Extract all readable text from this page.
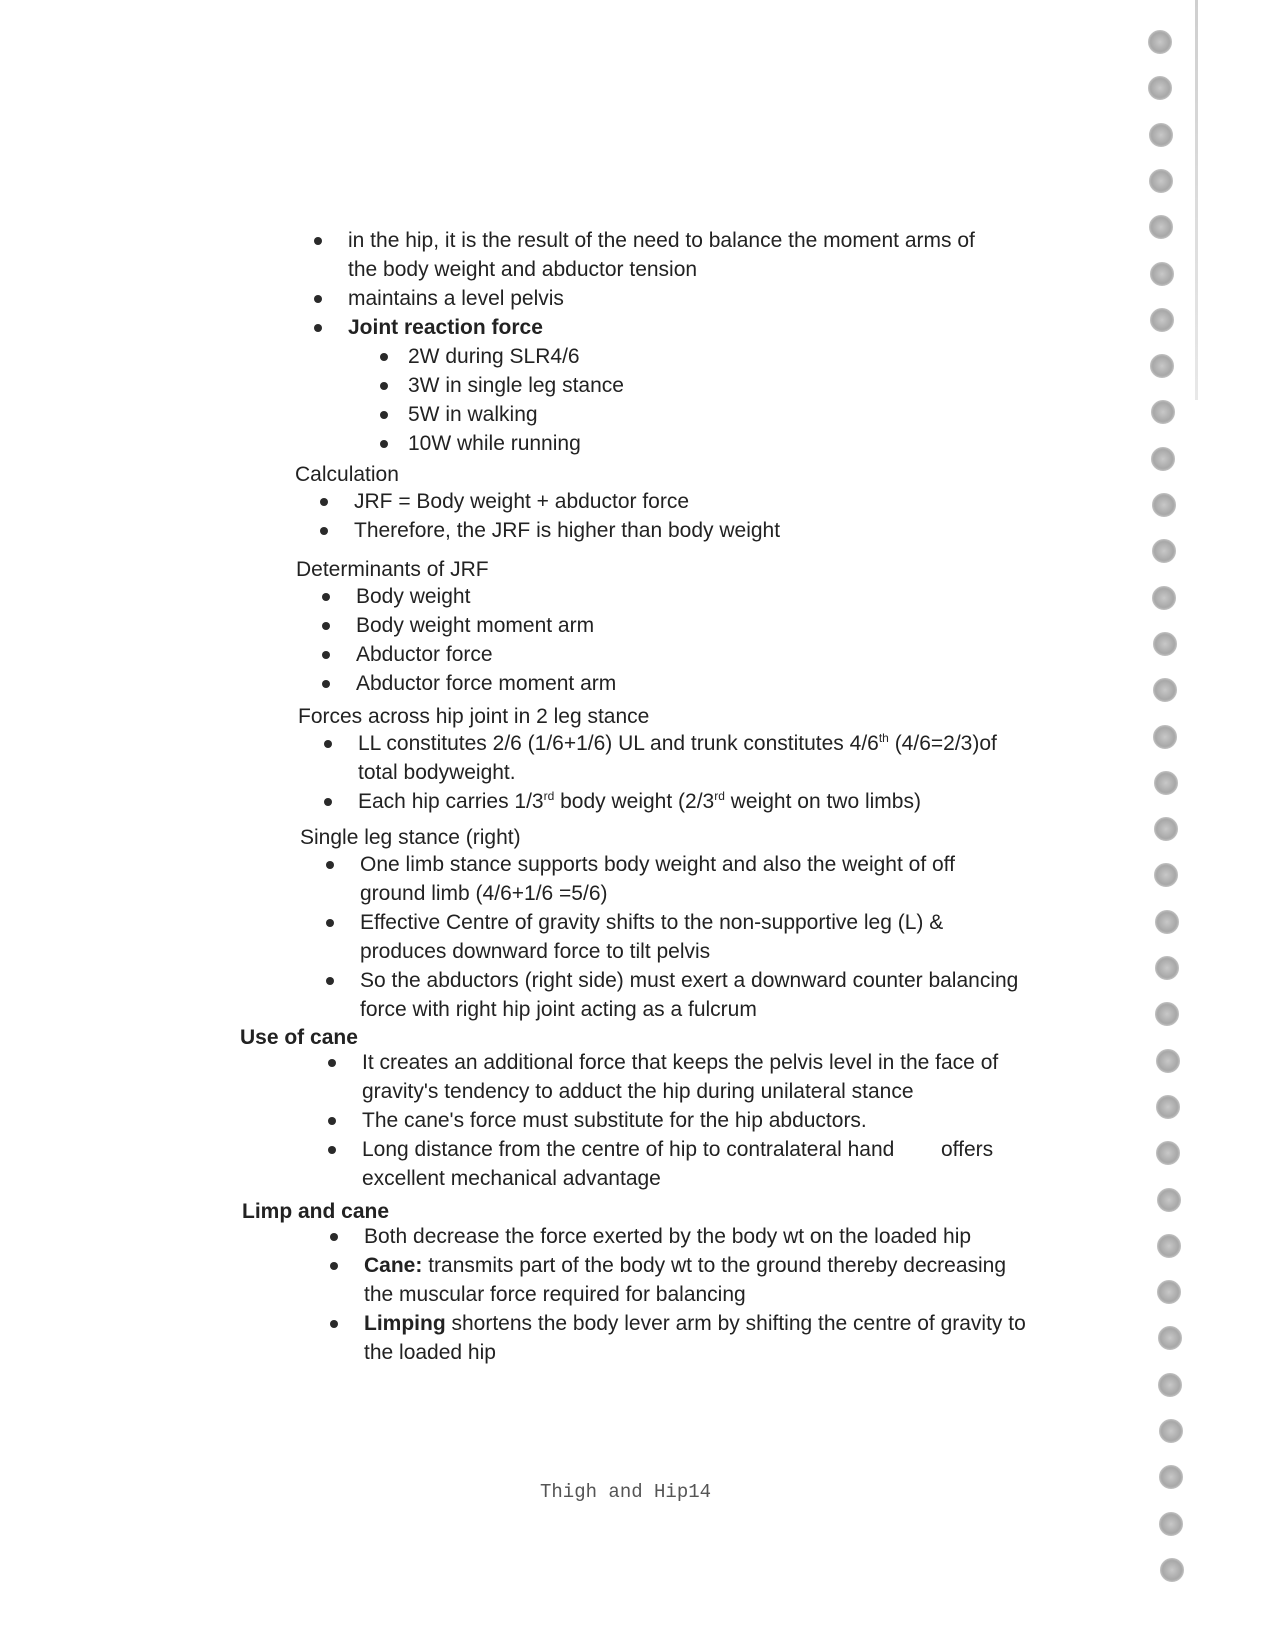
in the hip, it is the result of the need to balance the moment arms of the body weight and abductor tension
maintains a level pelvis
Joint reaction force
2W during SLR4/6
3W in single leg stance
5W in walking
10W while running
Calculation
JRF = Body weight + abductor force
Therefore, the JRF is higher than body weight
Determinants of JRF
Body weight
Body weight moment arm
Abductor force
Abductor force moment arm
Forces across hip joint in 2 leg stance
LL constitutes 2/6 (1/6+1/6) UL and trunk constitutes 4/6th (4/6=2/3)of total bodyweight.
Each hip carries 1/3rd body weight (2/3rd weight on two limbs)
Single leg stance (right)
One limb stance supports body weight and also the weight of off ground limb (4/6+1/6 =5/6)
Effective Centre of gravity shifts to the non-supportive leg (L) & produces downward force to tilt pelvis
So the abductors (right side) must exert a downward counter balancing force with right hip joint acting as a fulcrum
Use of cane
It creates an additional force that keeps the pelvis level in the face of gravity's tendency to adduct the hip during unilateral stance
The cane's force must substitute for the hip abductors.
Long distance from the centre of hip to contralateral hand        offers excellent mechanical advantage
Limp and cane
Both decrease the force exerted by the body wt on the loaded hip
Cane: transmits part of the body wt to the ground thereby decreasing the muscular force required for balancing
Limping shortens the body lever arm by shifting the centre of gravity to the loaded hip
Thigh and Hip14
